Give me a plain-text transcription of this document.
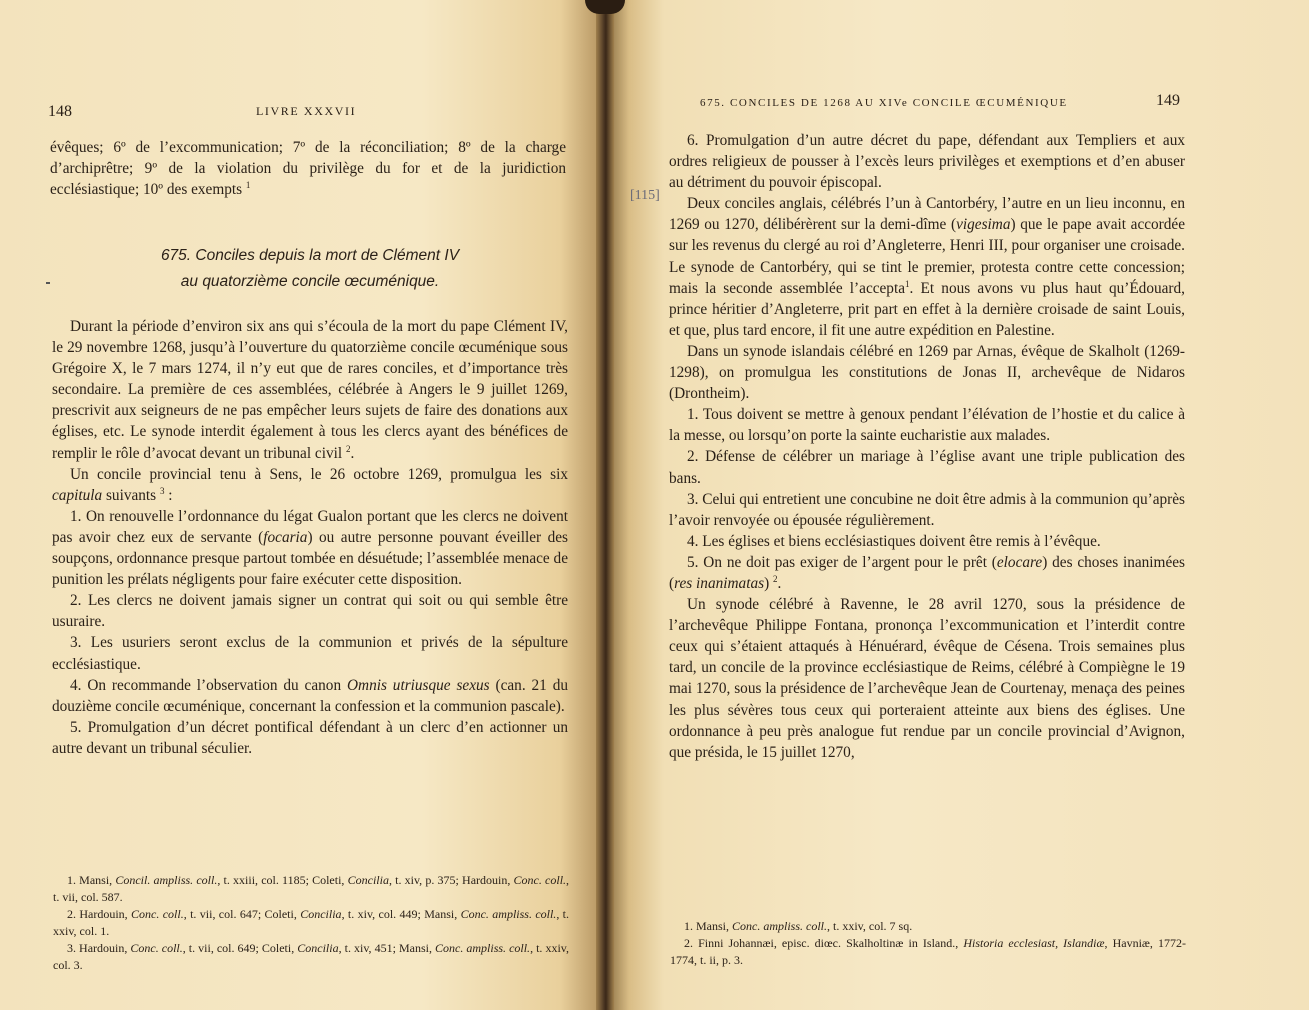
148	LIVRE XXXVII

évêques; 6º de l’excommunication; 7º de la réconciliation; 8º de la charge d’archiprêtre; 9º de la violation du privilège du for et de la juridiction ecclésiastique; 10º des exempts $^1$

675. Conciles depuis la mort de Clément IV
au quatorzième concile œcuménique.

Durant la période d’environ six ans qui s’écoula de la mort du pape Clément IV, le 29 novembre 1268, jusqu’à l’ouverture du quatorzième concile œcuménique sous Grégoire X, le 7 mars 1274, il n’y eut que de rares conciles, et d’importance très secondaire. La première de ces assemblées, célébrée à Angers le 9 juillet 1269, prescrivit aux seigneurs de ne pas empêcher leurs sujets de faire des donations aux églises, etc. Le synode interdit également à tous les clercs ayant des bénéfices de remplir le rôle d’avocat devant un tribunal civil $^2$.

Un concile provincial tenu à Sens, le 26 octobre 1269, promulgua les six capitula suivants $^3$ :

1. On renouvelle l’ordonnance du légat Gualon portant que les clercs ne doivent pas avoir chez eux de servante (focaria) ou autre personne pouvant éveiller des soupçons, ordonnance presque partout tombée en désuétude; l’assemblée menace de punition les prélats négligents pour faire exécuter cette disposition.

2. Les clercs ne doivent jamais signer un contrat qui soit ou qui semble être usuraire.

3. Les usuriers seront exclus de la communion et privés de la sépulture ecclésiastique.

4. On recommande l’observation du canon Omnis utriusque sexus (can. 21 du douzième concile œcuménique, concernant la confession et la communion pascale).

5. Promulgation d’un décret pontifical défendant à un clerc d’en actionner un autre devant un tribunal séculier.

1. Mansi, Concil. ampliss. coll., t. xxiii, col. 1185; Coleti, Concilia, t. xiv, p. 375; Hardouin, Conc. coll., t. vii, col. 587.

2. Hardouin, Conc. coll., t. vii, col. 647; Coleti, Concilia, t. xiv, col. 449; Mansi, Conc. ampliss. coll., t. xxiv, col. 1.

3. Hardouin, Conc. coll., t. vii, col. 649; Coleti, Concilia, t. xiv, 451; Mansi, Conc. ampliss. coll., t. xxiv, col. 3.

675. CONCILES DE 1268 AU XIVe CONCILE ŒCUMÉNIQUE	149

6. Promulgation d’un autre décret du pape, défendant aux Templiers et aux ordres religieux de pousser à l’excès leurs privilèges et exemptions et d’en abuser au détriment du pouvoir épiscopal.

Deux conciles anglais, célébrés l’un à Cantorbéry, l’autre en un lieu inconnu, en 1269 ou 1270, délibérèrent sur la demi-dîme (vigesima) que le pape avait accordée sur les revenus du clergé au roi d’Angleterre, Henri III, pour organiser une croisade. Le synode de Cantorbéry, qui se tint le premier, protesta contre cette concession; mais la seconde assemblée l’accepta$^1$. Et nous avons vu plus haut qu’Édouard, prince héritier d’Angleterre, prit part en effet à la dernière croisade de saint Louis, et que, plus tard encore, il fit une autre expédition en Palestine.

Dans un synode islandais célébré en 1269 par Arnas, évêque de Skalholt (1269-1298), on promulgua les constitutions de Jonas II, archevêque de Nidaros (Drontheim).

1. Tous doivent se mettre à genoux pendant l’élévation de l’hostie et du calice à la messe, ou lorsqu’on porte la sainte eucharistie aux malades.

2. Défense de célébrer un mariage à l’église avant une triple publication des bans.

3. Celui qui entretient une concubine ne doit être admis à la communion qu’après l’avoir renvoyée ou épousée régulièrement.

4. Les églises et biens ecclésiastiques doivent être remis à l’évêque.

5. On ne doit pas exiger de l’argent pour le prêt (elocare) des choses inanimées (res inanimatas) $^2$.

Un synode célébré à Ravenne, le 28 avril 1270, sous la présidence de l’archevêque Philippe Fontana, prononça l’excommunication et l’interdit contre ceux qui s’étaient attaqués à Hénuérard, évêque de Césena. Trois semaines plus tard, un concile de la province ecclésiastique de Reims, célébré à Compiègne le 19 mai 1270, sous la présidence de l’archevêque Jean de Courtenay, menaça des peines les plus sévères tous ceux qui porteraient atteinte aux biens des églises. Une ordonnance à peu près analogue fut rendue par un concile provincial d’Avignon, que présida, le 15 juillet 1270,

1. Mansi, Conc. ampliss. coll., t. xxiv, col. 7 sq.

2. Finni Johannæi, episc. diœc. Skalholtinæ in Island., Historia ecclesiast, Islandiæ, Havniæ, 1772-1774, t. ii, p. 3.

[115]
